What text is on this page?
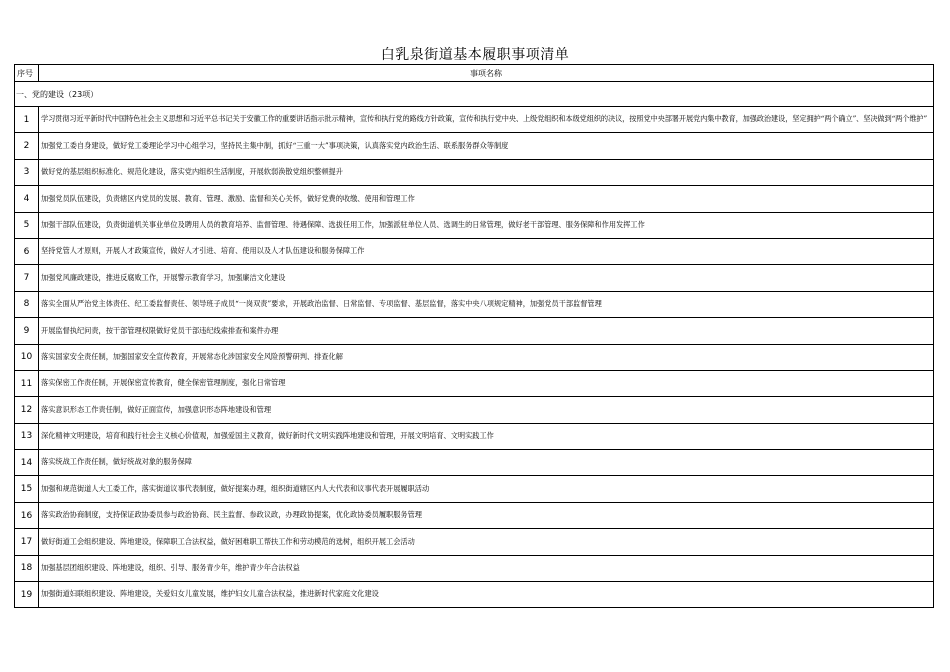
白乳泉街道基本履职事项清单
序号	事项名称
一、党的建设（23项）	
1	学习贯彻习近平新时代中国特色社会主义思想和习近平总书记关于安徽工作的重要讲话指示批示精神，宣传和执行党的路线方针政策，宣传和执行党中央、上级党组织和本级党组织的决议，按照党中央部署开展党内集中教育，加强政治建设，坚定拥护“两个确立”、坚决做到“两个维护”
2	加强党工委自身建设，做好党工委理论学习中心组学习，坚持民主集中制，抓好“三重一大”事项决策，认真落实党内政治生活、联系服务群众等制度
3	做好党的基层组织标准化、规范化建设，落实党内组织生活制度，开展软弱涣散党组织整顿提升
4	加强党员队伍建设，负责辖区内党员的发展、教育、管理、激励、监督和关心关怀，做好党费的收缴、使用和管理工作
5	加强干部队伍建设，负责街道机关事业单位及聘用人员的教育培养、监督管理、待遇保障、选拔任用工作，加强派驻单位人员、选调生的日常管理，做好老干部管理、服务保障和作用发挥工作
6	坚持党管人才原则，开展人才政策宣传，做好人才引进、培育、使用以及人才队伍建设和服务保障工作
7	加强党风廉政建设，推进反腐败工作，开展警示教育学习，加强廉洁文化建设
8	落实全面从严治党主体责任、纪工委监督责任、领导班子成员“一岗双责”要求，开展政治监督、日常监督、专项监督、基层监督，落实中央八项规定精神，加强党员干部监督管理
9	开展监督执纪问责，按干部管理权限做好党员干部违纪线索排查和案件办理
10	落实国家安全责任制，加强国家安全宣传教育，开展常态化涉国家安全风险预警研判、排查化解
11	落实保密工作责任制，开展保密宣传教育，健全保密管理制度，强化日常管理
12	落实意识形态工作责任制，做好正面宣传，加强意识形态阵地建设和管理
13	深化精神文明建设，培育和践行社会主义核心价值观，加强爱国主义教育，做好新时代文明实践阵地建设和管理，开展文明培育、文明实践工作
14	落实统战工作责任制，做好统战对象的服务保障
15	加强和规范街道人大工委工作，落实街道议事代表制度，做好提案办理，组织街道辖区内人大代表和议事代表开展履职活动
16	落实政治协商制度，支持保证政协委员参与政治协商、民主监督、参政议政，办理政协提案，优化政协委员履职服务管理
17	做好街道工会组织建设、阵地建设，保障职工合法权益，做好困难职工帮扶工作和劳动模范的选树，组织开展工会活动
18	加强基层团组织建设、阵地建设，组织、引导、服务青少年，维护青少年合法权益
19	加强街道妇联组织建设、阵地建设，关爱妇女儿童发展，维护妇女儿童合法权益，推进新时代家庭文化建设
